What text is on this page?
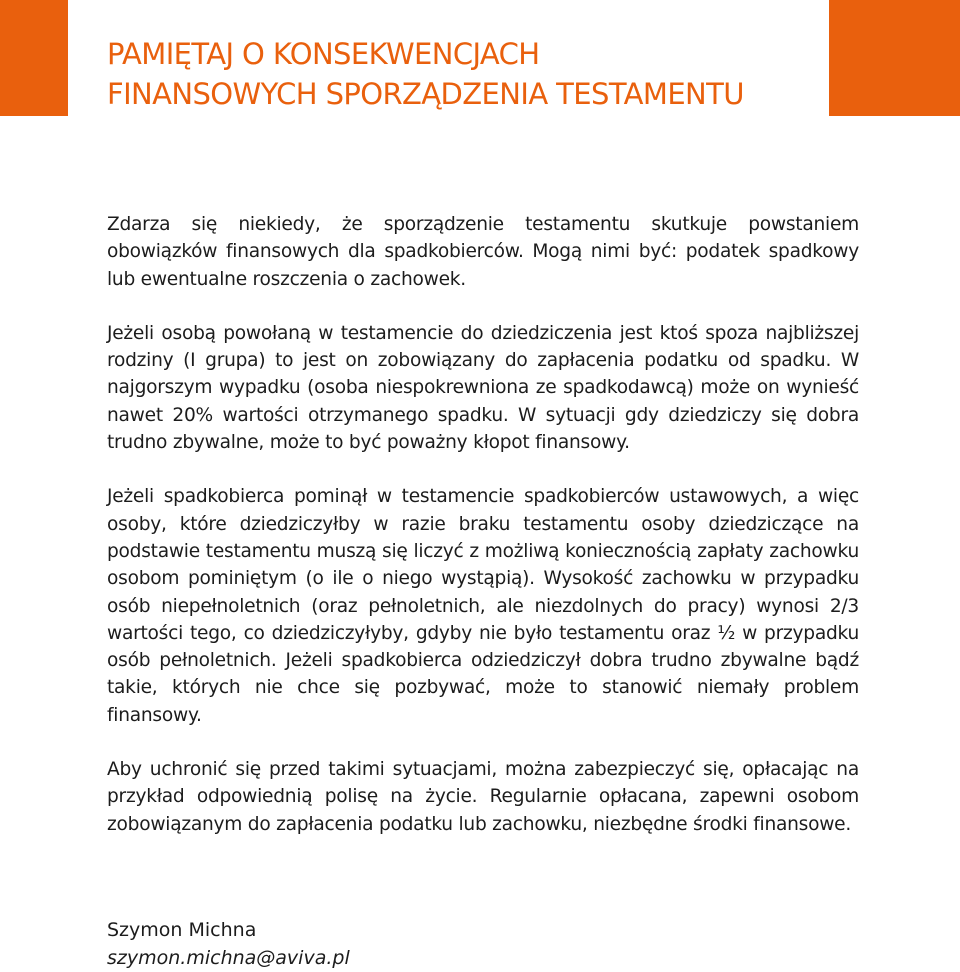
PAMIĘTAJ O KONSEKWENCJACH
FINANSOWYCH SPORZĄDZENIA TESTAMENTU

Zdarza się niekiedy, że sporządzenie testamentu skutkuje powstaniem obowiązków finansowych dla spadkobierców. Mogą nimi być: podatek spadkowy lub ewentualne roszczenia o zachowek.

Jeżeli osobą powołaną w testamencie do dziedziczenia jest ktoś spoza najbliższej rodziny (I grupa) to jest on zobowiązany do zapłacenia podatku od spadku. W najgorszym wypadku (osoba niespokrewniona ze spadkodawcą) może on wynieść nawet 20% wartości otrzymanego spadku. W sytuacji gdy dziedziczy się dobra trudno zbywalne, może to być poważny kłopot finansowy.

Jeżeli spadkobierca pominął w testamencie spadkobierców ustawowych, a więc osoby, które dziedziczyłby w razie braku testamentu osoby dziedziczące na podstawie testamentu muszą się liczyć z możliwą koniecznością zapłaty zachowku osobom pominiętym (o ile o niego wystąpią). Wysokość zachowku w przypadku osób niepełnoletnich (oraz pełnoletnich, ale niezdolnych do pracy) wynosi 2/3 wartości tego, co dziedziczyłyby, gdyby nie było testamentu oraz ½ w przypadku osób pełnoletnich. Jeżeli spadkobierca odziedziczył dobra trudno zbywalne bądź takie, których nie chce się pozbywać, może to stanowić niemały problem finansowy.

Aby uchronić się przed takimi sytuacjami, można zabezpieczyć się, opłacając na przykład odpowiednią polisę na życie. Regularnie opłacana, zapewni osobom zobowiązanym do zapłacenia podatku lub zachowku, niezbędne środki finansowe.

Szymon Michna
szymon.michna@aviva.pl
